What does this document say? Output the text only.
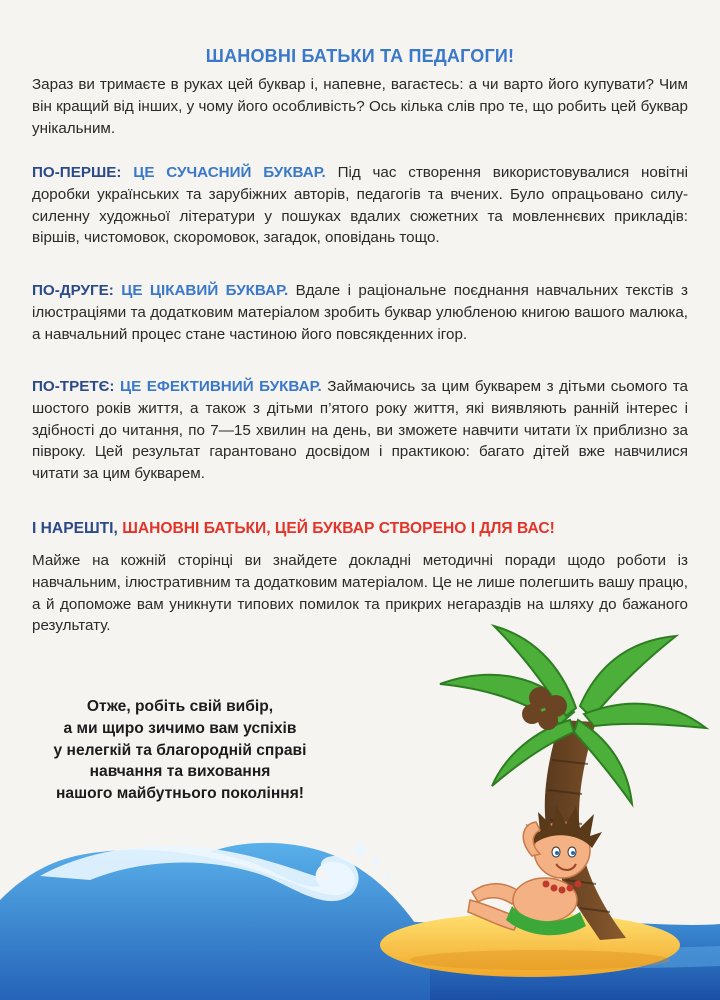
ШАНОВНІ БАТЬКИ ТА ПЕДАГОГИ!

Зараз ви тримаєте в руках цей буквар і, напевне, вагаєтесь: а чи варто його купувати? Чим він кращий від інших, у чому його особливість? Ось кілька слів про те, що робить цей буквар унікальним.

ПО-ПЕРШЕ: ЦЕ СУЧАСНИЙ БУКВАР. Під час створення використовувалися новітні доробки українських та зарубіжних авторів, педагогів та вчених. Було опрацьовано силу-силенну художньої літератури у пошуках вдалих сюжетних та мовленнєвих прикладів: віршів, чистомовок, скоромовок, загадок, оповідань тощо.

ПО-ДРУГЕ: ЦЕ ЦІКАВИЙ БУКВАР. Вдале і раціональне поєднання навчальних текстів з ілюстраціями та додатковим матеріалом зробить буквар улюбленою книгою вашого малюка, а навчальний процес стане частиною його повсякденних ігор.

ПО-ТРЕТЄ: ЦЕ ЕФЕКТИВНИЙ БУКВАР. Займаючись за цим букварем з дітьми сьомого та шостого років життя, а також з дітьми п’ятого року життя, які виявляють ранній інтерес і здібності до читання, по 7—15 хвилин на день, ви зможете навчити читати їх приблизно за півроку. Цей результат гарантовано досвідом і практикою: багато дітей вже навчилися читати за цим букварем.

І НАРЕШТІ, ШАНОВНІ БАТЬКИ, ЦЕЙ БУКВАР СТВОРЕНО І ДЛЯ ВАС!

Майже на кожній сторінці ви знайдете докладні методичні поради щодо роботи із навчальним, ілюстративним та додатковим матеріалом. Це не лише полегшить вашу працю, а й допоможе вам уникнути типових помилок та прикрих негараздів на шляху до бажаного результату.

Отже, робіть свій вибір,
а ми щиро зичимо вам успіхів
у нелегкій та благородній справі
навчання та виховання
нашого майбутнього покоління!
